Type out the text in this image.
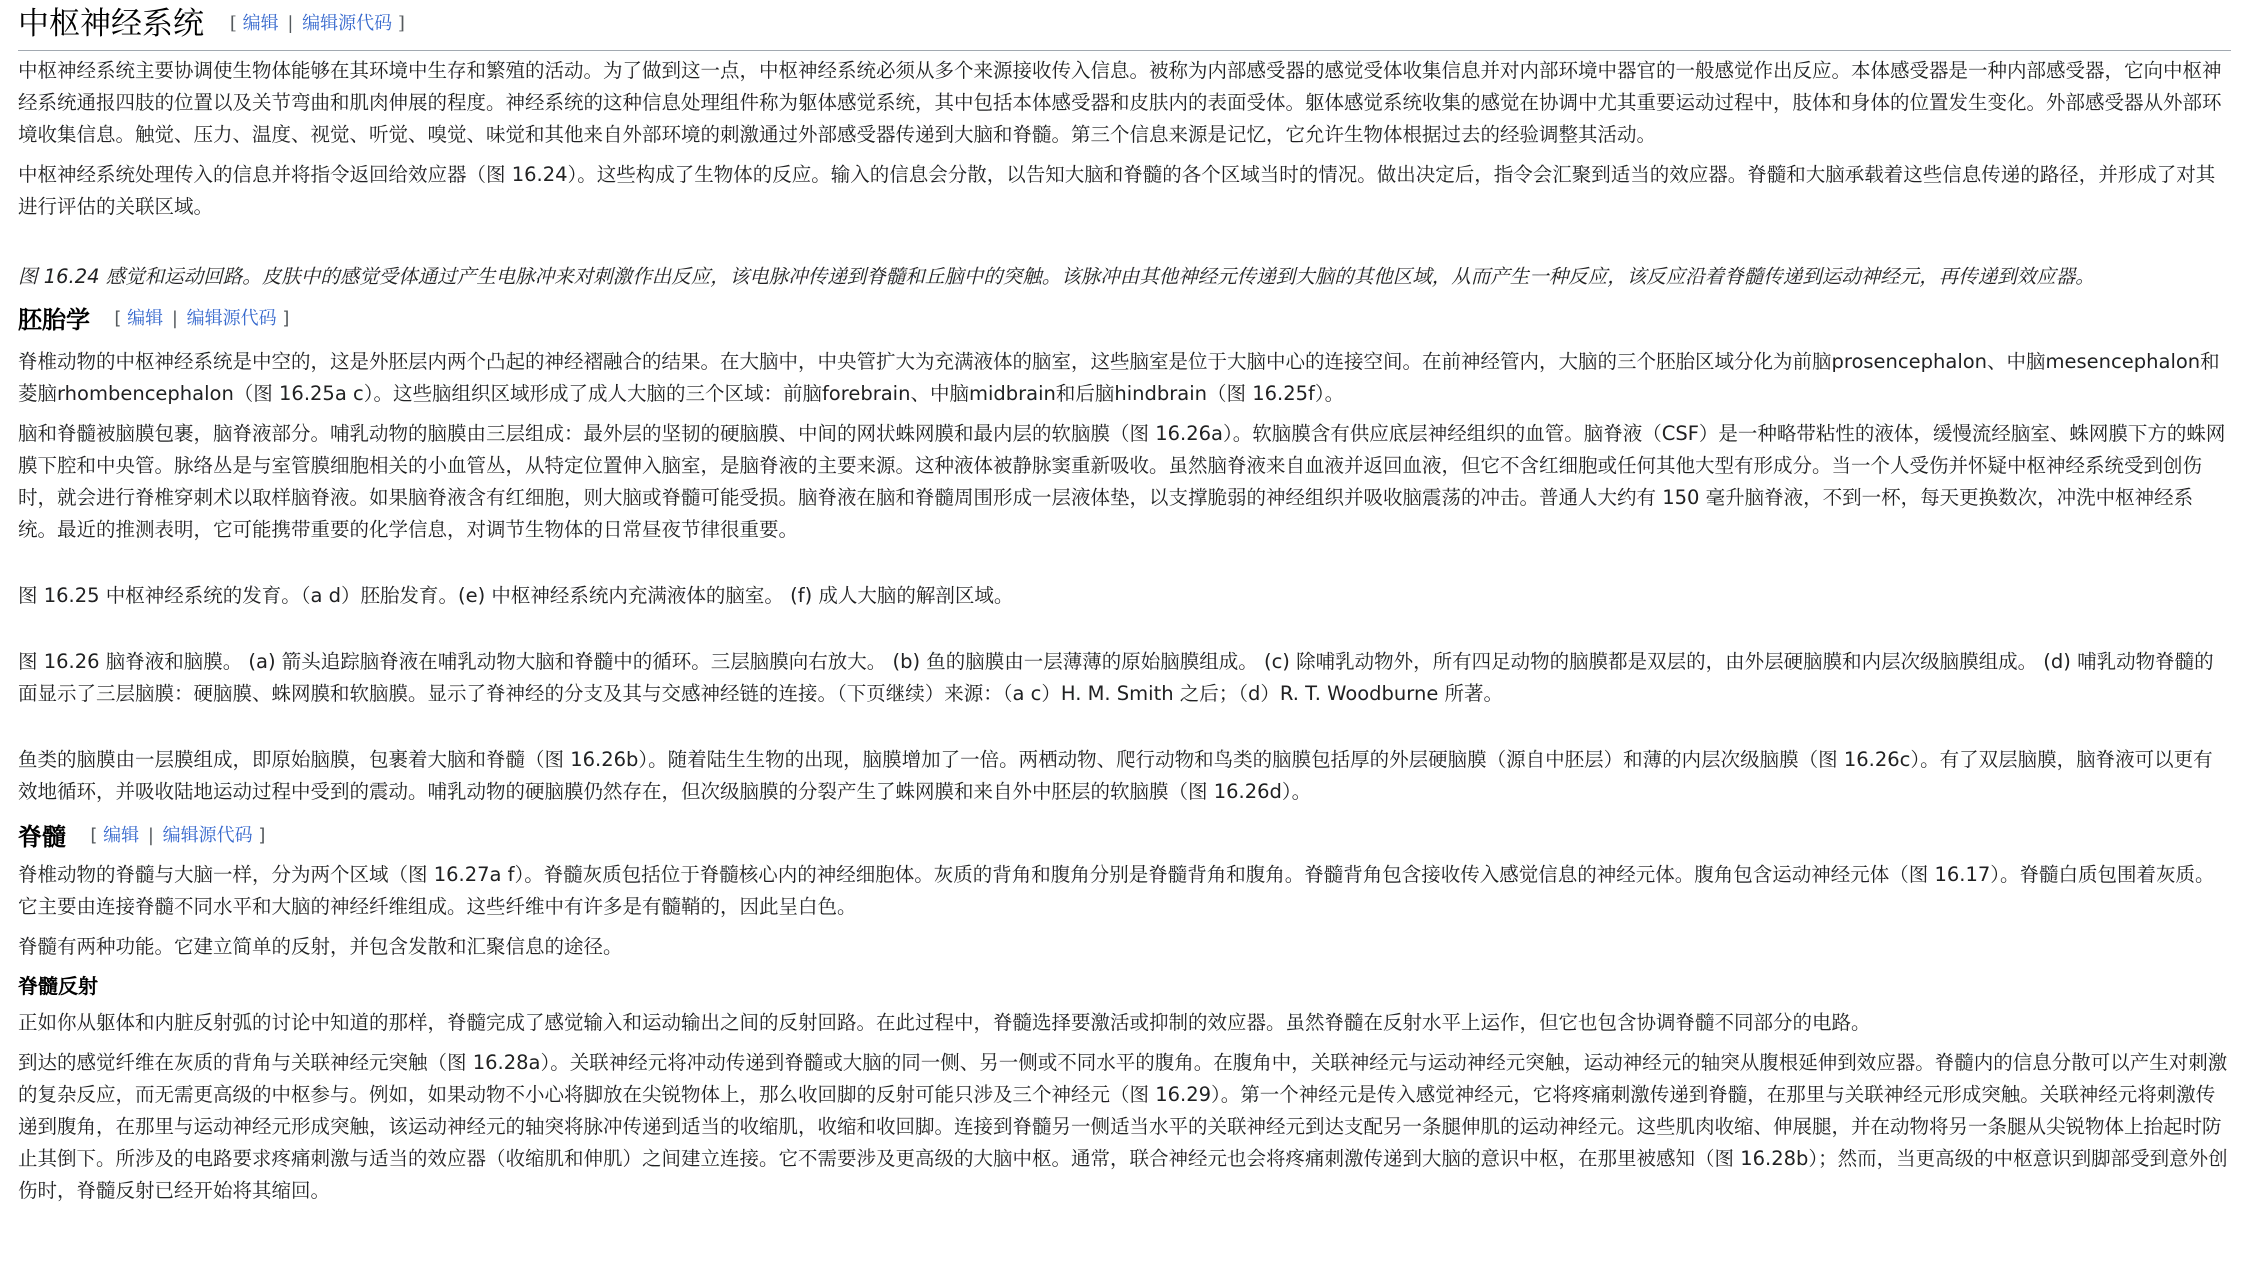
中枢神经系统 [ 编辑 | 编辑源代码 ]

中枢神经系统主要协调使生物体能够在其环境中生存和繁殖的活动。为了做到这一点，中枢神经系统必须从多个来源接收传入信息。被称为内部感受器的感觉受体收集信息并对内部环境中器官的一般感觉作出反应。本体感受器是一种内部感受器，它向中枢神经系统通报四肢的位置以及关节弯曲和肌肉伸展的程度。神经系统的这种信息处理组件称为躯体感觉系统，其中包括本体感受器和皮肤内的表面受体。躯体感觉系统收集的感觉在协调中尤其重要运动过程中，肢体和身体的位置发生变化。外部感受器从外部环境收集信息。触觉、压力、温度、视觉、听觉、嗅觉、味觉和其他来自外部环境的刺激通过外部感受器传递到大脑和脊髓。第三个信息来源是记忆，它允许生物体根据过去的经验调整其活动。

中枢神经系统处理传入的信息并将指令返回给效应器（图 16.24）。这些构成了生物体的反应。输入的信息会分散，以告知大脑和脊髓的各个区域当时的情况。做出决定后，指令会汇聚到适当的效应器。脊髓和大脑承载着这些信息传递的路径，并形成了对其进行评估的关联区域。

图 16.24 感觉和运动回路。皮肤中的感觉受体通过产生电脉冲来对刺激作出反应，该电脉冲传递到脊髓和丘脑中的突触。该脉冲由其他神经元传递到大脑的其他区域，从而产生一种反应，该反应沿着脊髓传递到运动神经元，再传递到效应器。

胚胎学 [ 编辑 | 编辑源代码 ]

脊椎动物的中枢神经系统是中空的，这是外胚层内两个凸起的神经褶融合的结果。在大脑中，中央管扩大为充满液体的脑室，这些脑室是位于大脑中心的连接空间。在前神经管内，大脑的三个胚胎区域分化为前脑prosencephalon、中脑mesencephalon和菱脑rhombencephalon（图 16.25a c）。这些脑组织区域形成了成人大脑的三个区域：前脑forebrain、中脑midbrain和后脑hindbrain（图 16.25f）。

脑和脊髓被脑膜包裹，脑脊液部分。哺乳动物的脑膜由三层组成：最外层的坚韧的硬脑膜、中间的网状蛛网膜和最内层的软脑膜（图 16.26a）。软脑膜含有供应底层神经组织的血管。脑脊液（CSF）是一种略带粘性的液体，缓慢流经脑室、蛛网膜下方的蛛网膜下腔和中央管。脉络丛是与室管膜细胞相关的小血管丛，从特定位置伸入脑室，是脑脊液的主要来源。这种液体被静脉窦重新吸收。虽然脑脊液来自血液并返回血液，但它不含红细胞或任何其他大型有形成分。当一个人受伤并怀疑中枢神经系统受到创伤时，就会进行脊椎穿刺术以取样脑脊液。如果脑脊液含有红细胞，则大脑或脊髓可能受损。脑脊液在脑和脊髓周围形成一层液体垫，以支撑脆弱的神经组织并吸收脑震荡的冲击。普通人大约有 150 毫升脑脊液，不到一杯，每天更换数次，冲洗中枢神经系统。最近的推测表明，它可能携带重要的化学信息，对调节生物体的日常昼夜节律很重要。

图 16.25 中枢神经系统的发育。（a d）胚胎发育。(e) 中枢神经系统内充满液体的脑室。 (f) 成人大脑的解剖区域。

图 16.26 脑脊液和脑膜。 (a) 箭头追踪脑脊液在哺乳动物大脑和脊髓中的循环。三层脑膜向右放大。 (b) 鱼的脑膜由一层薄薄的原始脑膜组成。 (c) 除哺乳动物外，所有四足动物的脑膜都是双层的，由外层硬脑膜和内层次级脑膜组成。 (d) 哺乳动物脊髓的面显示了三层脑膜：硬脑膜、蛛网膜和软脑膜。显示了脊神经的分支及其与交感神经链的连接。（下页继续）来源：（a c）H. M. Smith 之后；（d）R. T. Woodburne 所著。

鱼类的脑膜由一层膜组成，即原始脑膜，包裹着大脑和脊髓（图 16.26b）。随着陆生生物的出现，脑膜增加了一倍。两栖动物、爬行动物和鸟类的脑膜包括厚的外层硬脑膜（源自中胚层）和薄的内层次级脑膜（图 16.26c）。有了双层脑膜，脑脊液可以更有效地循环，并吸收陆地运动过程中受到的震动。哺乳动物的硬脑膜仍然存在，但次级脑膜的分裂产生了蛛网膜和来自外中胚层的软脑膜（图 16.26d）。

脊髓 [ 编辑 | 编辑源代码 ]

脊椎动物的脊髓与大脑一样，分为两个区域（图 16.27a f）。脊髓灰质包括位于脊髓核心内的神经细胞体。灰质的背角和腹角分别是脊髓背角和腹角。脊髓背角包含接收传入感觉信息的神经元体。腹角包含运动神经元体（图 16.17）。脊髓白质包围着灰质。它主要由连接脊髓不同水平和大脑的神经纤维组成。这些纤维中有许多是有髓鞘的，因此呈白色。

脊髓有两种功能。它建立简单的反射，并包含发散和汇聚信息的途径。

脊髓反射

正如你从躯体和内脏反射弧的讨论中知道的那样，脊髓完成了感觉输入和运动输出之间的反射回路。在此过程中，脊髓选择要激活或抑制的效应器。虽然脊髓在反射水平上运作，但它也包含协调脊髓不同部分的电路。

到达的感觉纤维在灰质的背角与关联神经元突触（图 16.28a）。关联神经元将冲动传递到脊髓或大脑的同一侧、另一侧或不同水平的腹角。在腹角中，关联神经元与运动神经元突触，运动神经元的轴突从腹根延伸到效应器。脊髓内的信息分散可以产生对刺激的复杂反应，而无需更高级的中枢参与。例如，如果动物不小心将脚放在尖锐物体上，那么收回脚的反射可能只涉及三个神经元（图 16.29）。第一个神经元是传入感觉神经元，它将疼痛刺激传递到脊髓，在那里与关联神经元形成突触。关联神经元将刺激传递到腹角，在那里与运动神经元形成突触，该运动神经元的轴突将脉冲传递到适当的收缩肌，收缩和收回脚。连接到脊髓另一侧适当水平的关联神经元到达支配另一条腿伸肌的运动神经元。这些肌肉收缩、伸展腿，并在动物将另一条腿从尖锐物体上抬起时防止其倒下。所涉及的电路要求疼痛刺激与适当的效应器（收缩肌和伸肌）之间建立连接。它不需要涉及更高级的大脑中枢。通常，联合神经元也会将疼痛刺激传递到大脑的意识中枢，在那里被感知（图 16.28b）；然而，当更高级的中枢意识到脚部受到意外创伤时，脊髓反射已经开始将其缩回。
